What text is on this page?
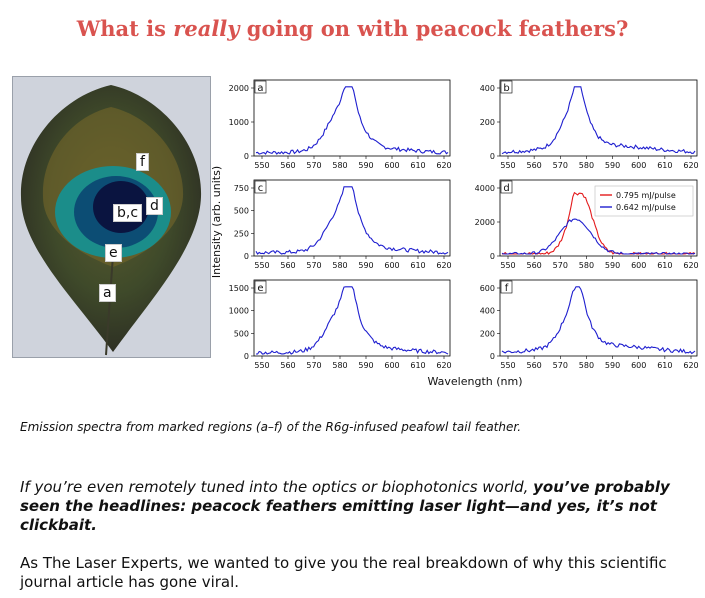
What is really going on with peacock feathers?
f
b,c d
e
a
a
550 560 570 580 590 600 610 620
0
1000
2000	b
550 560 570 580 590 600 610 620
0
200
400
c
550 560 570 580 590 600 610 620
0
250
500
750	d
550 560 570 580 590 600 610 620
0
2000
4000
e
550 560 570 580 590 600 610 620
0
500
1000
1500	f
550 560 570 580 590 600 610 620
0
200
400
600
0.795 mJ/pulse
0.642 mJ/pulse
Intensity (arb. units)
Wavelength (nm)
Emission spectra from marked regions (a–f) of the R6g-infused peafowl tail feather.
If you’re even remotely tuned into the optics or biophotonics world, you’ve probably seen the headlines: peacock feathers emitting laser light—and yes, it’s not clickbait.
As The Laser Experts, we wanted to give you the real breakdown of why this scientific journal article has gone viral.
